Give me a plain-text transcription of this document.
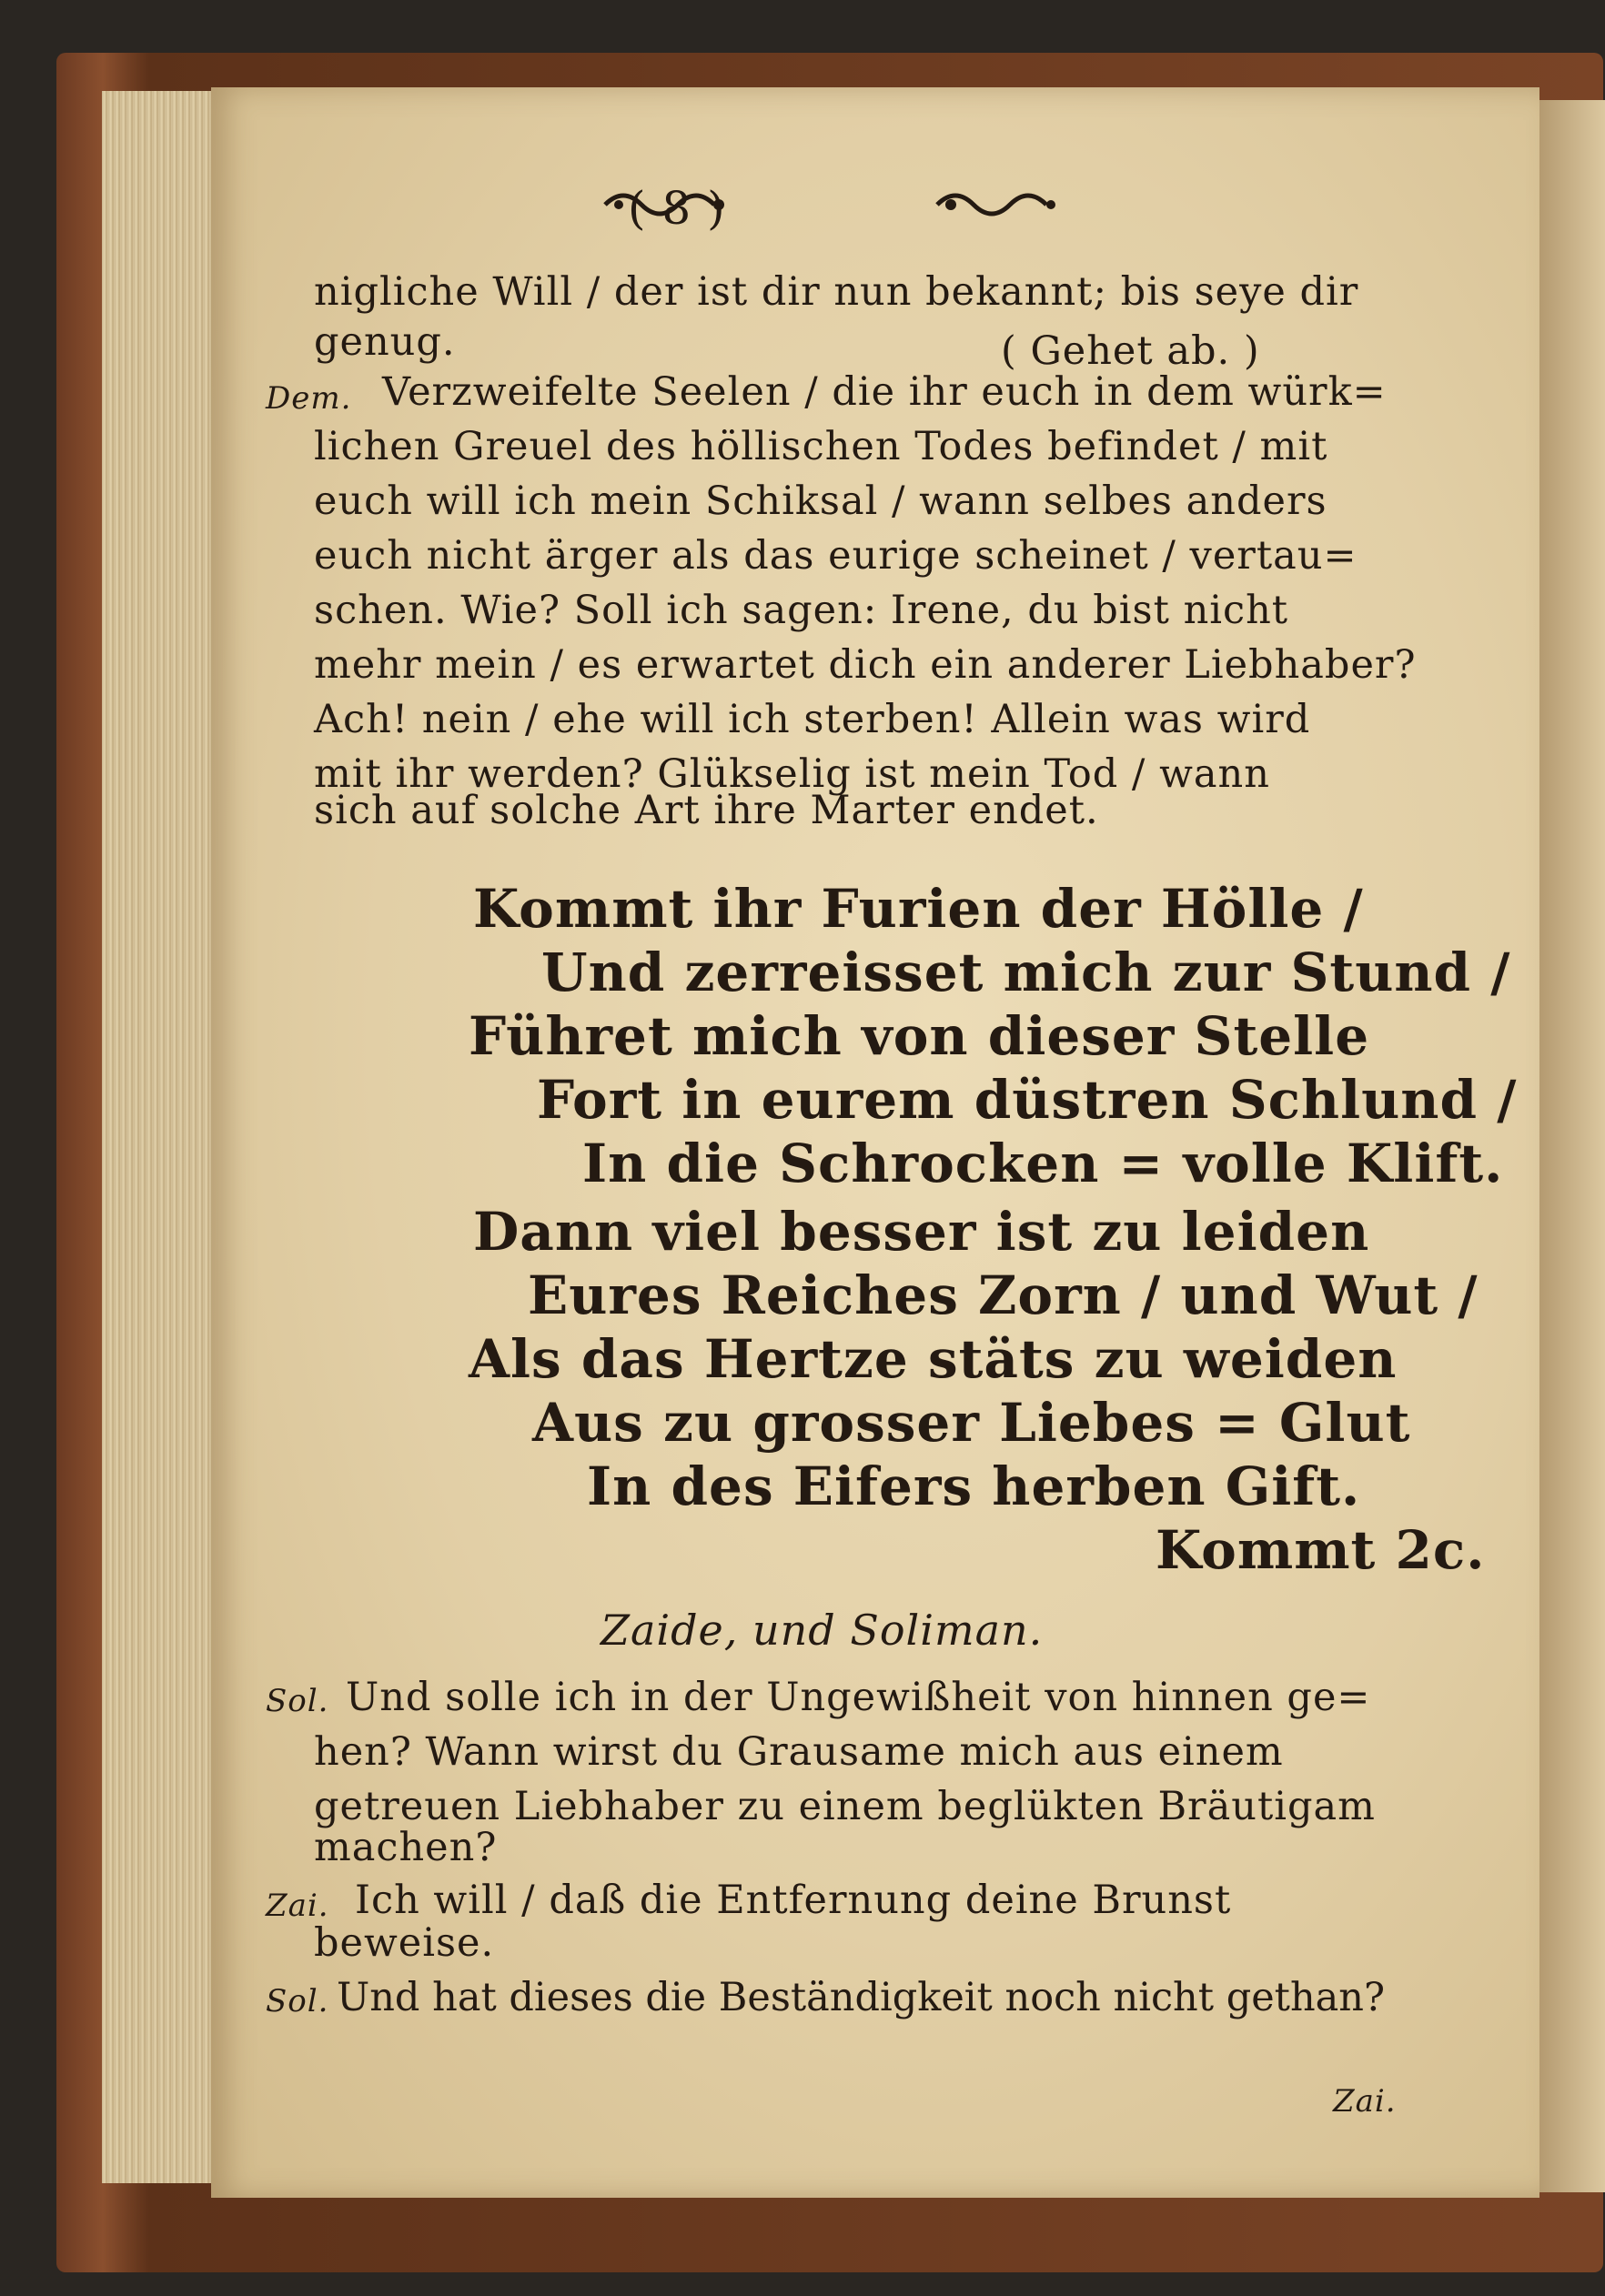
( 8 )
nigliche Will / der ist dir nun bekannt; bis seye dir
genug.	( Gehet ab. )
Dem. Verzweifelte Seelen / die ihr euch in dem würk=
lichen Greuel des höllischen Todes befindet / mit
euch will ich mein Schiksal / wann selbes anders
euch nicht ärger als das eurige scheinet / vertau=
schen. Wie? Soll ich sagen: Irene, du bist nicht
mehr mein / es erwartet dich ein anderer Liebhaber?
Ach! nein / ehe will ich sterben! Allein was wird
mit ihr werden? Glükselig ist mein Tod / wann
sich auf solche Art ihre Marter endet.
Kommt ihr Furien der Hölle /
Und zerreisset mich zur Stund /
Führet mich von dieser Stelle
Fort in eurem düstren Schlund /
In die Schrocken = volle Klift.
Dann viel besser ist zu leiden
Eures Reiches Zorn / und Wut /
Als das Hertze stäts zu weiden
Aus zu grosser Liebes = Glut
In des Eifers herben Gift.
Kommt 2c.
Zaide, und Soliman.
Sol. Und solle ich in der Ungewißheit von hinnen ge=
hen? Wann wirst du Grausame mich aus einem
getreuen Liebhaber zu einem beglükten Bräutigam
machen?
Zai. Ich will / daß die Entfernung deine Brunst
beweise.
Sol. Und hat dieses die Beständigkeit noch nicht gethan?
Zai.
